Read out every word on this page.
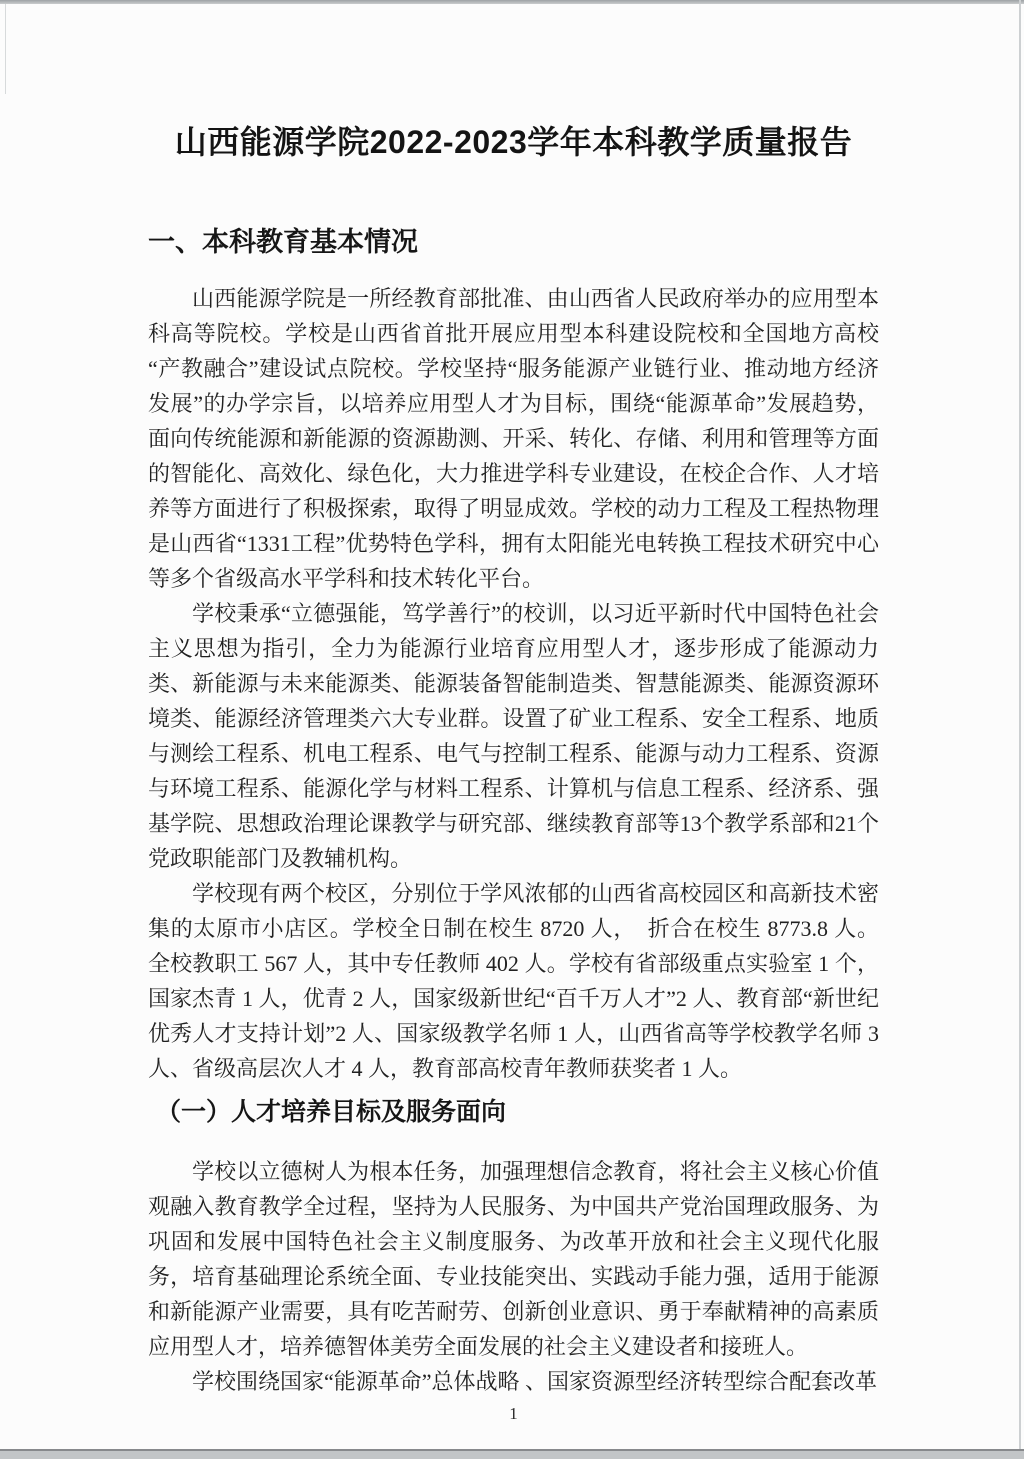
山西能源学院2022-2023学年本科教学质量报告
一、本科教育基本情况

山西能源学院是一所经教育部批准、由山西省人民政府举办的应用型本科高等院校。学校是山西省首批开展应用型本科建设院校和全国地方高校“产教融合”建设试点院校。学校坚持“服务能源产业链行业、推动地方经济发展”的办学宗旨，以培养应用型人才为目标，围绕“能源革命”发展趋势，面向传统能源和新能源的资源勘测、开采、转化、存储、利用和管理等方面的智能化、高效化、绿色化，大力推进学科专业建设，在校企合作、人才培养等方面进行了积极探索，取得了明显成效。学校的动力工程及工程热物理是山西省“1331工程”优势特色学科，拥有太阳能光电转换工程技术研究中心等多个省级高水平学科和技术转化平台。

学校秉承“立德强能，笃学善行”的校训，以习近平新时代中国特色社会主义思想为指引，全力为能源行业培育应用型人才，逐步形成了能源动力类、新能源与未来能源类、能源装备智能制造类、智慧能源类、能源资源环境类、能源经济管理类六大专业群。设置了矿业工程系、安全工程系、地质与测绘工程系、机电工程系、电气与控制工程系、能源与动力工程系、资源与环境工程系、能源化学与材料工程系、计算机与信息工程系、经济系、强基学院、思想政治理论课教学与研究部、继续教育部等13个教学系部和21个党政职能部门及教辅机构。

学校现有两个校区，分别位于学风浓郁的山西省高校园区和高新技术密集的太原市小店区。学校全日制在校生 8720 人，　折合在校生 8773.8 人。全校教职工 567 人，其中专任教师 402 人。学校有省部级重点实验室 1 个，国家杰青 1 人，优青 2 人，国家级新世纪“百千万人才”2 人、教育部“新世纪优秀人才支持计划”2 人、国家级教学名师 1 人，山西省高等学校教学名师 3 人、省级高层次人才 4 人，教育部高校青年教师获奖者 1 人。

（一）人才培养目标及服务面向

学校以立德树人为根本任务，加强理想信念教育，将社会主义核心价值观融入教育教学全过程，坚持为人民服务、为中国共产党治国理政服务、为巩固和发展中国特色社会主义制度服务、为改革开放和社会主义现代化服务，培育基础理论系统全面、专业技能突出、实践动手能力强，适用于能源和新能源产业需要，具有吃苦耐劳、创新创业意识、勇于奉献精神的高素质应用型人才，培养德智体美劳全面发展的社会主义建设者和接班人。

学校围绕国家“能源革命”总体战略 、国家资源型经济转型综合配套改革

1
